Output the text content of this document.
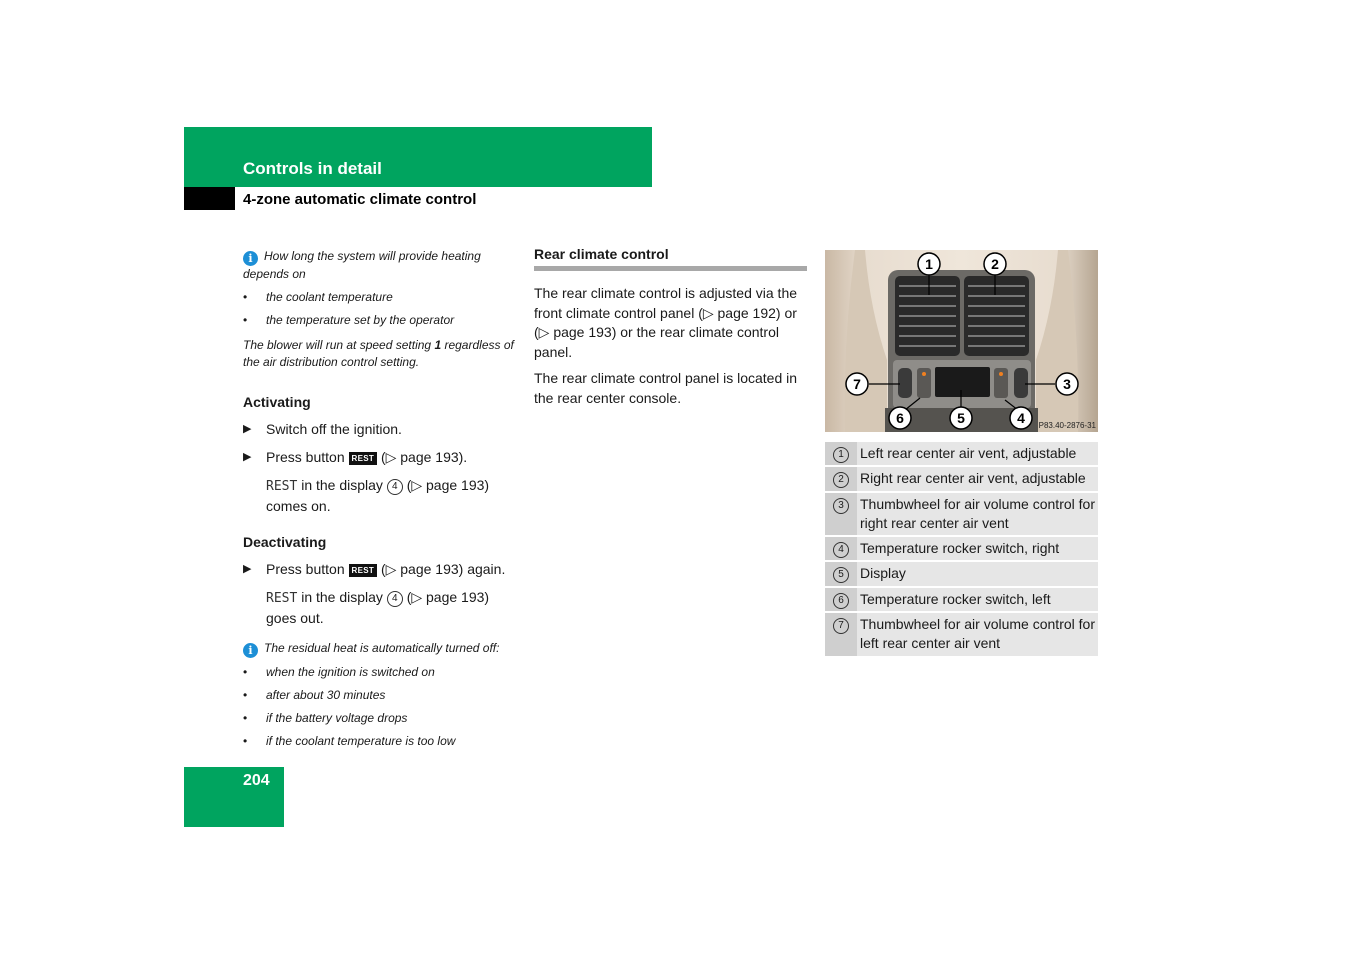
Controls in detail
4-zone automatic climate control
i How long the system will provide heating depends on
• the coolant temperature
• the temperature set by the operator
The blower will run at speed setting 1 regardless of the air distribution control setting.
Activating
▶ Switch off the ignition.
▶ Press button REST (▷ page 193).
REST in the display 4 (▷ page 193) comes on.
Deactivating
▶ Press button REST (▷ page 193) again.
REST in the display 4 (▷ page 193) goes out.
i The residual heat is automatically turned off:
• when the ignition is switched on
• after about 30 minutes
• if the battery voltage drops
• if the coolant temperature is too low
Rear climate control

The rear climate control is adjusted via the front climate control panel (▷ page 192) or (▷ page 193) or the rear climate control panel.

The rear climate control panel is located in the rear center console.

1	2
3
4
5
6
7
P83.40-2876-31
1	Left rear center air vent, adjustable
2	Right rear center air vent, adjustable
3	Thumbwheel for air volume control for right rear center air vent
4	Temperature rocker switch, right
5	Display
6	Temperature rocker switch, left
7	Thumbwheel for air volume control for left rear center air vent
204
